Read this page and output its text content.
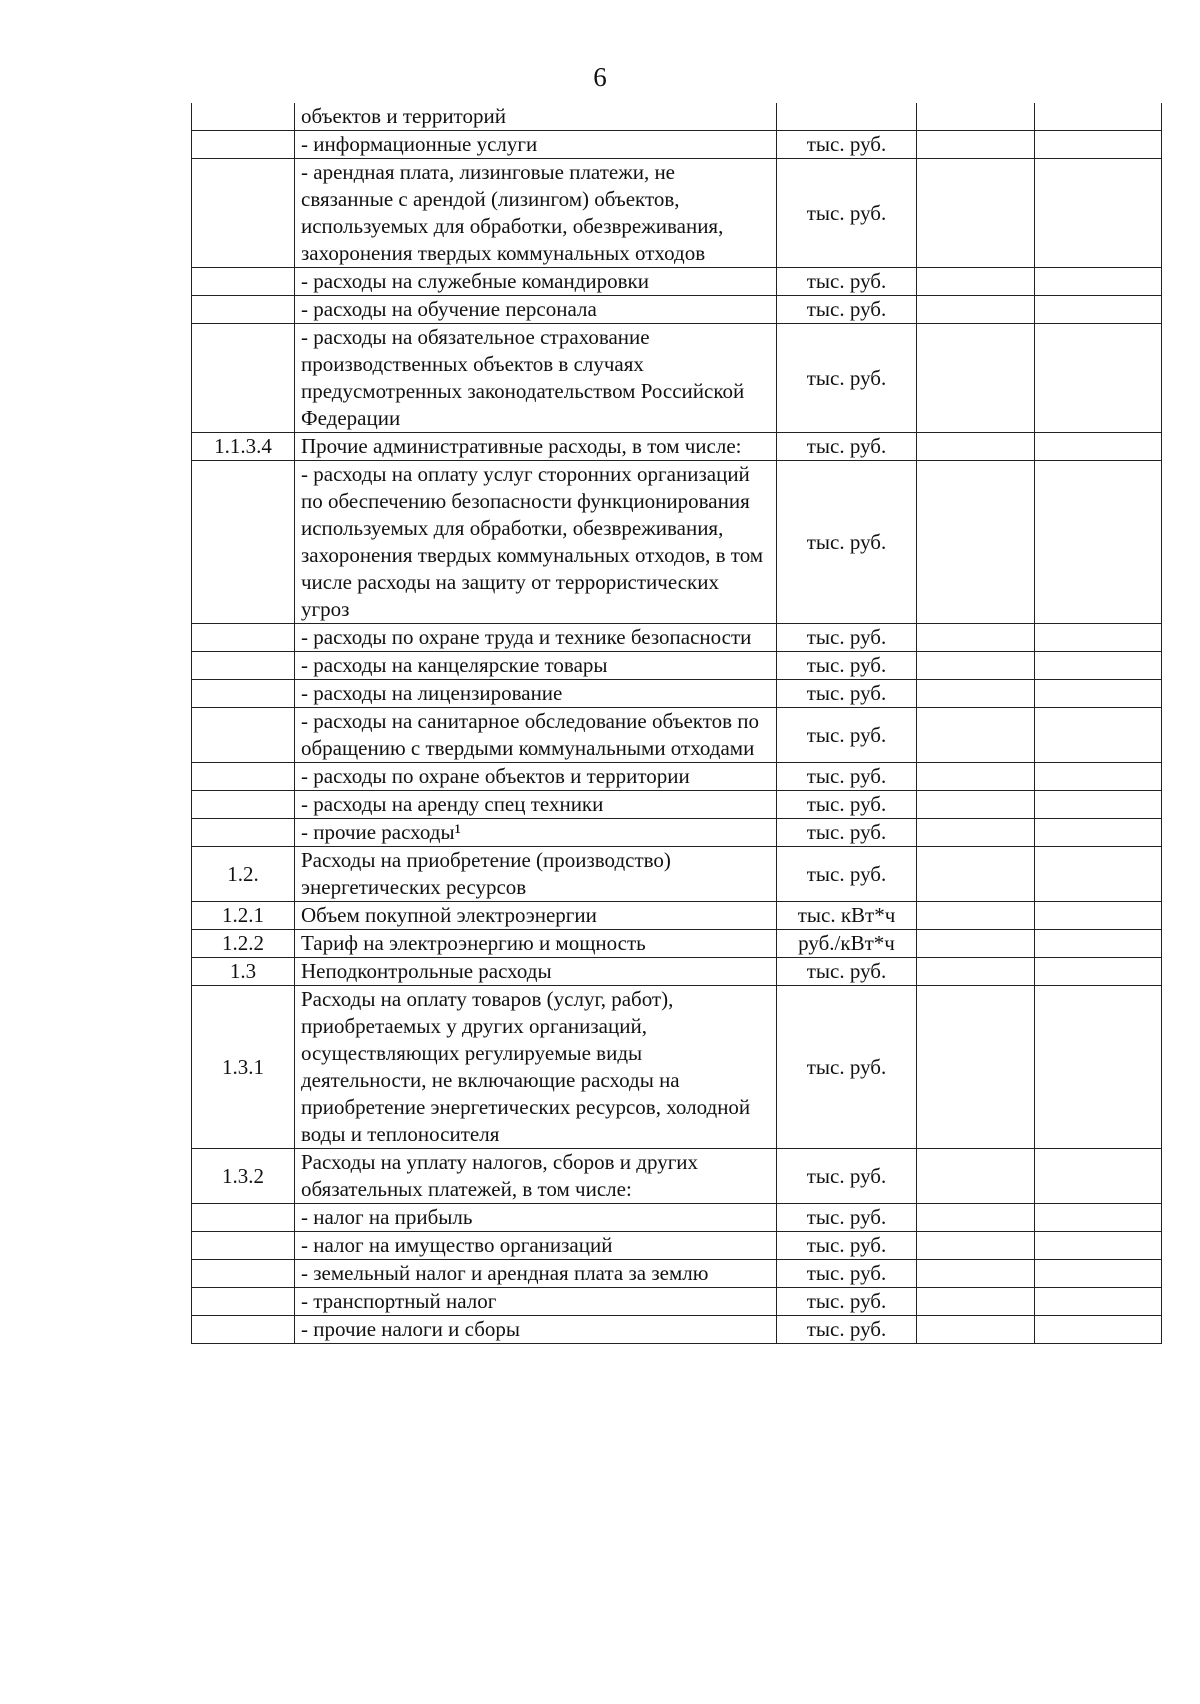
6
	объектов и территорий			
	- информационные услуги	тыс. руб.		
	- арендная плата, лизинговые платежи, не связанные с арендой (лизингом) объектов, используемых для обработки, обезвреживания, захоронения твердых коммунальных отходов	тыс. руб.		
	- расходы на служебные командировки	тыс. руб.		
	- расходы на обучение персонала	тыс. руб.		
	- расходы на обязательное страхование производственных объектов в случаях предусмотренных законодательством Российской Федерации	тыс. руб.		
1.1.3.4	Прочие административные расходы, в том числе:	тыс. руб.		
	- расходы на оплату услуг сторонних организаций по обеспечению безопасности функционирования используемых для обработки, обезвреживания, захоронения твердых коммунальных отходов, в том числе расходы на защиту от террористических угроз	тыс. руб.		
	- расходы по охране труда и технике безопасности	тыс. руб.		
	- расходы на канцелярские товары	тыс. руб.		
	- расходы на лицензирование	тыс. руб.		
	- расходы на санитарное обследование объектов по обращению с твердыми коммунальными отходами	тыс. руб.		
	- расходы по охране объектов и территории	тыс. руб.		
	- расходы на аренду спец техники	тыс. руб.		
	- прочие расходы¹	тыс. руб.		
1.2.	Расходы на приобретение (производство) энергетических ресурсов	тыс. руб.		
1.2.1	Объем покупной электроэнергии	тыс. кВт*ч		
1.2.2	Тариф на электроэнергию и мощность	руб./кВт*ч		
1.3	Неподконтрольные расходы	тыс. руб.		
1.3.1	Расходы на оплату товаров (услуг, работ), приобретаемых у других организаций, осуществляющих регулируемые виды деятельности, не включающие расходы на приобретение энергетических ресурсов, холодной воды и теплоносителя	тыс. руб.		
1.3.2	Расходы на уплату налогов, сборов и других обязательных платежей, в том числе:	тыс. руб.		
	- налог на прибыль	тыс. руб.		
	- налог на имущество организаций	тыс. руб.		
	- земельный налог и арендная плата за землю	тыс. руб.		
	- транспортный налог	тыс. руб.		
	- прочие налоги и сборы	тыс. руб.		
